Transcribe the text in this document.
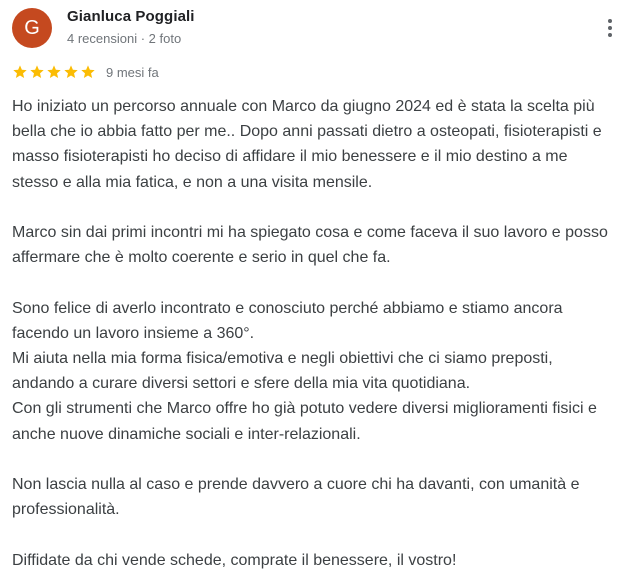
G
Gianluca Poggiali
4 recensioni · 2 foto
9 mesi fa

Ho iniziato un percorso annuale con Marco da giugno 2024 ed è stata la scelta più bella che io abbia fatto per me.. Dopo anni passati dietro a osteopati, fisioterapisti e masso fisioterapisti ho deciso di affidare il mio benessere e il mio destino a me stesso e alla mia fatica, e non a una visita mensile.

Marco sin dai primi incontri mi ha spiegato cosa e come faceva il suo lavoro e posso affermare che è molto coerente e serio in quel che fa.

Sono felice di averlo incontrato e conosciuto perché abbiamo e stiamo ancora facendo un lavoro insieme a 360°.
Mi aiuta nella mia forma fisica/emotiva e negli obiettivi che ci siamo preposti, andando a curare diversi settori e sfere della mia vita quotidiana.
Con gli strumenti che Marco offre ho già potuto vedere diversi miglioramenti fisici e anche nuove dinamiche sociali e inter-relazionali.

Non lascia nulla al caso e prende davvero a cuore chi ha davanti, con umanità e professionalità.

Diffidate da chi vende schede, comprate il benessere, il vostro!
